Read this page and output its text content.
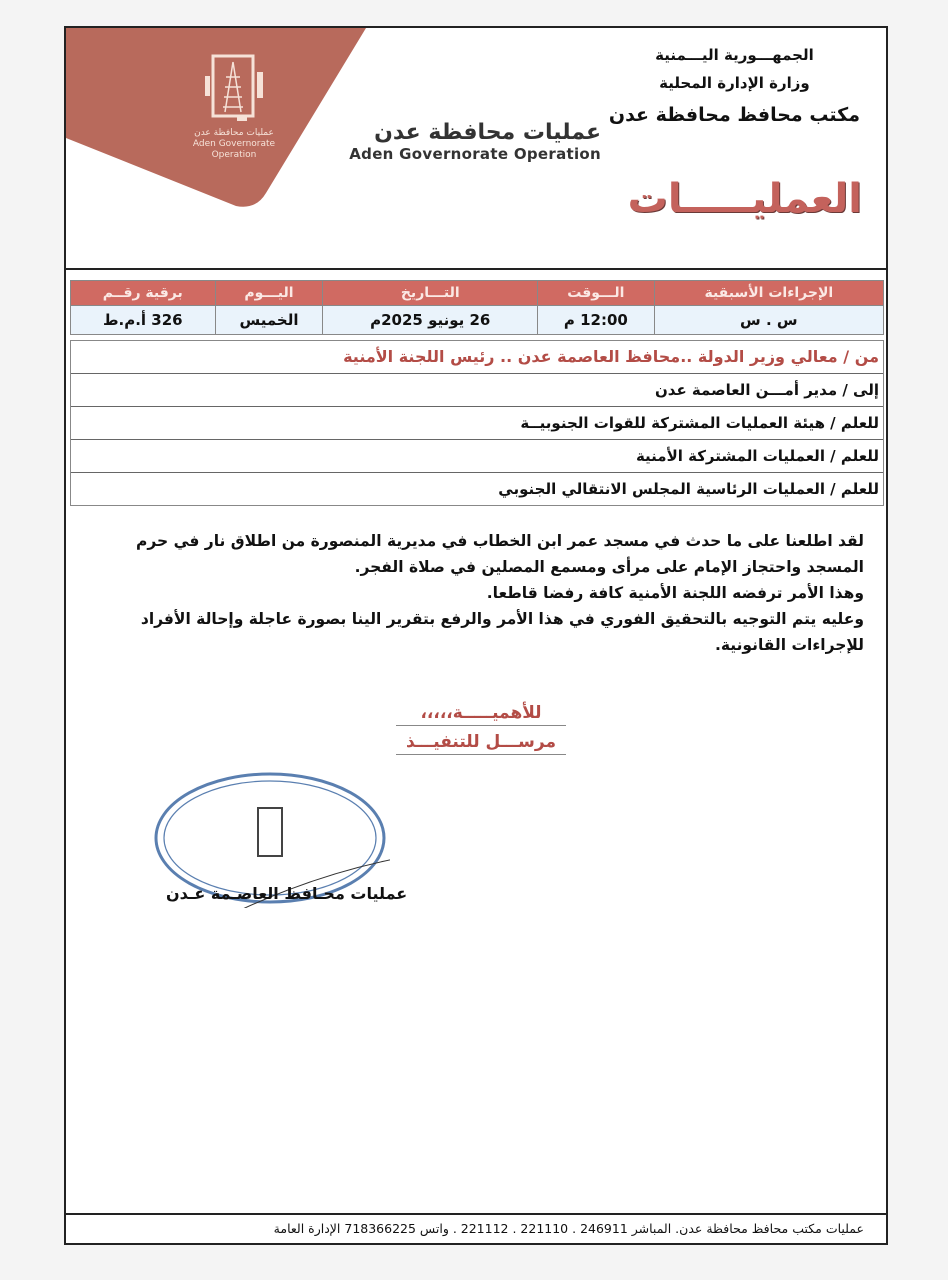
عمليات محافظة عدن
Aden Governorate Operation
عمليات محافظة عدن
Aden Governorate Operation
الجمهـــورية اليـــمنية
وزارة الإدارة المحلية
مكتب محافظ محافظة عدن
العمليـــــات
الإجراءات الأسبقية	الـــوقت	التـــاريخ	اليـــوم	برقية رقــم
س . س	12:00 م	26 يونيو 2025م	الخميس	326 أ.م.ط
من / معالي وزير الدولة ..محافظ العاصمة عدن .. رئيس اللجنة الأمنية
إلى / مدير أمـــن العاصمة عدن
للعلم / هيئة العمليات المشتركة للقوات الجنوبيــة
للعلم / العمليات المشتركة الأمنية
للعلم / العمليات الرئاسية المجلس الانتقالي الجنوبي

لقد اطلعنا على ما حدث في مسجد عمر ابن الخطاب في مديرية المنصورة من اطلاق نار في حرم المسجد واحتجاز الإمام على مرأى ومسمع المصلين في صلاة الفجر.

وهذا الأمر ترفضه اللجنة الأمنية كافة رفضا قاطعا.

وعليه يتم التوجيه بالتحقيق الفوري في هذا الأمر والرفع بتقرير الينا بصورة عاجلة وإحالة الأفراد للإجراءات القانونية.

للأهميـــــة،،،،،
مرســـل للتنفيـــذ
عمليات محـافظ العاصـمة عـدن
عمليات مكتب محافظ محافظة عدن. المباشر 246911 . 221110 . 221112 . واتس 718366225 الإدارة العامة
